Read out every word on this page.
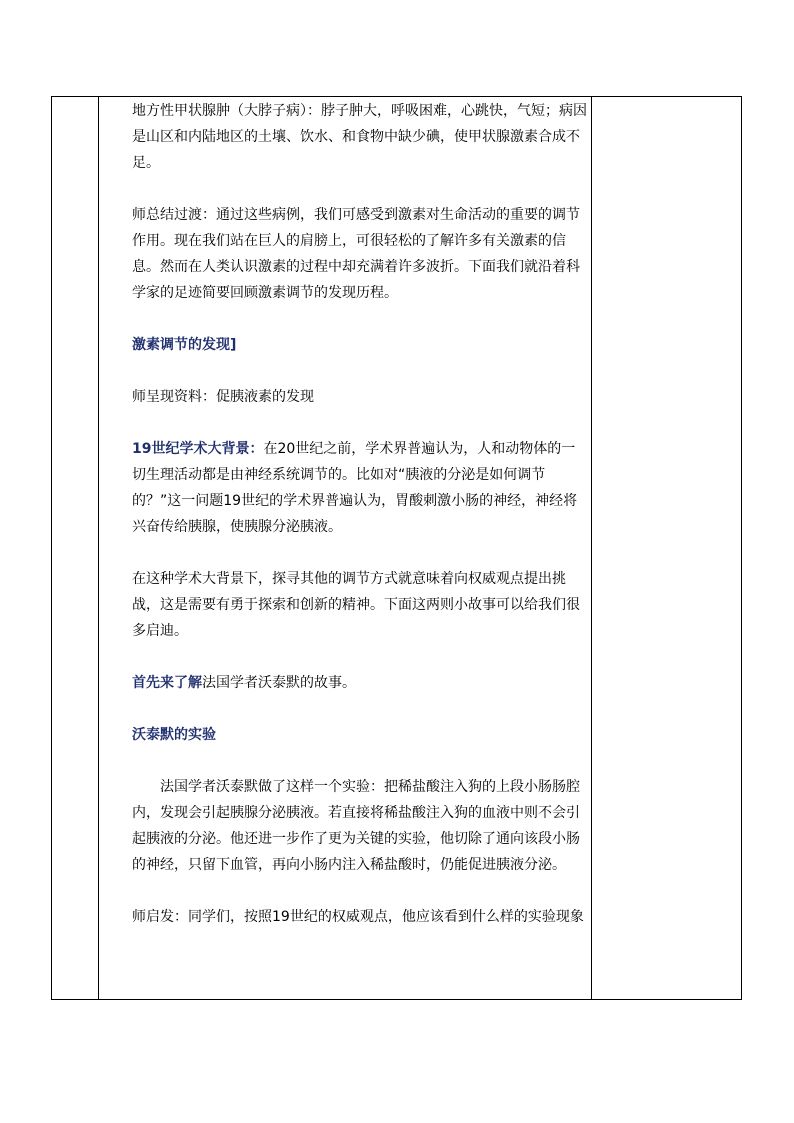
地方性甲状腺肿（大脖子病）：脖子肿大，呼吸困难，心跳快，气短；病因是山区和内陆地区的土壤、饮水、和食物中缺少碘，使甲状腺激素合成不足。

师总结过渡：通过这些病例，我们可感受到激素对生命活动的重要的调节作用。现在我们站在巨人的肩膀上，可很轻松的了解许多有关激素的信息。然而在人类认识激素的过程中却充满着许多波折。下面我们就沿着科学家的足迹简要回顾激素调节的发现历程。

激素调节的发现]

师呈现资料：促胰液素的发现

19世纪学术大背景：在20世纪之前，学术界普遍认为，人和动物体的一切生理活动都是由神经系统调节的。比如对“胰液的分泌是如何调节的？”这一问题19世纪的学术界普遍认为，胃酸刺激小肠的神经，神经将兴奋传给胰腺，使胰腺分泌胰液。

在这种学术大背景下，探寻其他的调节方式就意味着向权威观点提出挑战，这是需要有勇于探索和创新的精神。下面这两则小故事可以给我们很多启迪。

首先来了解法国学者沃泰默的故事。

沃泰默的实验

法国学者沃泰默做了这样一个实验：把稀盐酸注入狗的上段小肠肠腔内，发现会引起胰腺分泌胰液。若直接将稀盐酸注入狗的血液中则不会引起胰液的分泌。他还进一步作了更为关键的实验，他切除了通向该段小肠的神经，只留下血管，再向小肠内注入稀盐酸时，仍能促进胰液分泌。

师启发：同学们，按照19世纪的权威观点，他应该看到什么样的实验现象
